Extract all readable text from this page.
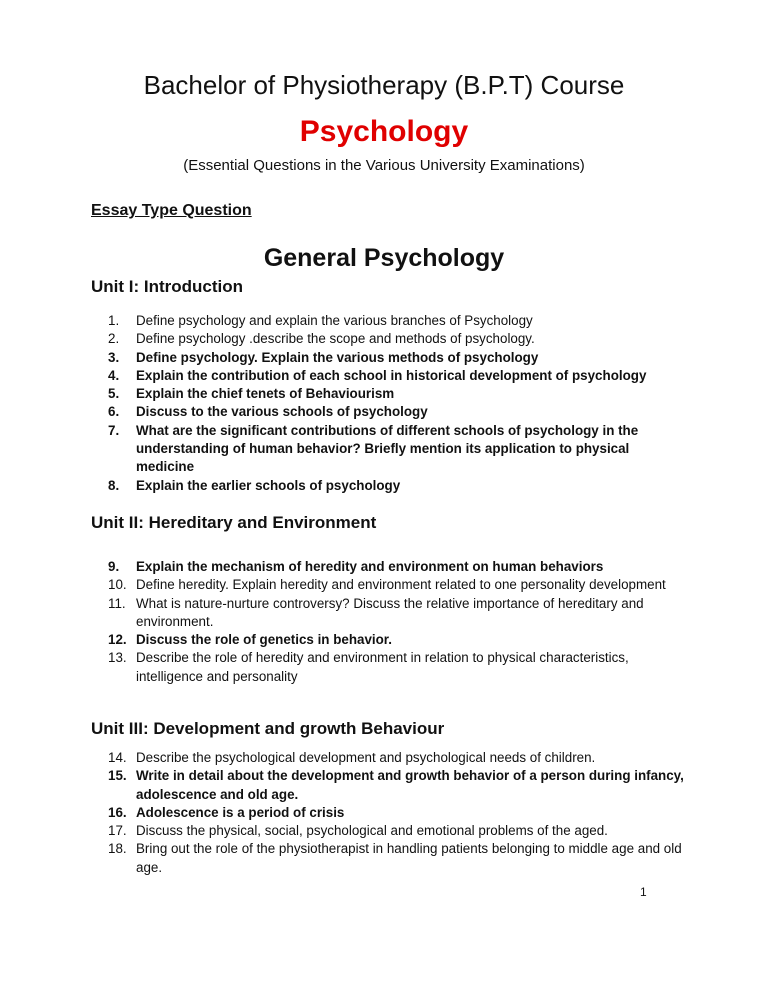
Bachelor of Physiotherapy (B.P.T) Course
Psychology
(Essential Questions in the Various University Examinations)
Essay Type Question
General Psychology
Unit I: Introduction
1.	Define psychology and explain the various branches of Psychology
2.	Define psychology .describe the scope and methods of psychology.
3.	Define psychology. Explain the various methods of psychology
4.	Explain the contribution of each school in historical development of psychology
5.	Explain the chief tenets of Behaviourism
6.	Discuss to the various schools of psychology
7.	What are the significant contributions of different schools of psychology in the understanding of human behavior? Briefly mention its application to physical medicine
8.	Explain the earlier schools of psychology
Unit II: Hereditary and Environment
9.	Explain the mechanism of heredity and environment on human behaviors
10. Define heredity. Explain heredity and environment related to one personality development
11. What is nature-nurture controversy? Discuss the relative importance of hereditary and environment.
12. Discuss the role of genetics in behavior.
13. Describe the role of heredity and environment in relation to physical characteristics, intelligence and personality
Unit III: Development and growth Behaviour
14. Describe the psychological development and psychological needs of children.
15. Write in detail about the development and growth behavior of a person during infancy, adolescence and old age.
16. Adolescence is a period of crisis
17. Discuss the physical, social, psychological and emotional problems of the aged.
18. Bring out the role of the physiotherapist in handling patients belonging to middle age and old age.
1
